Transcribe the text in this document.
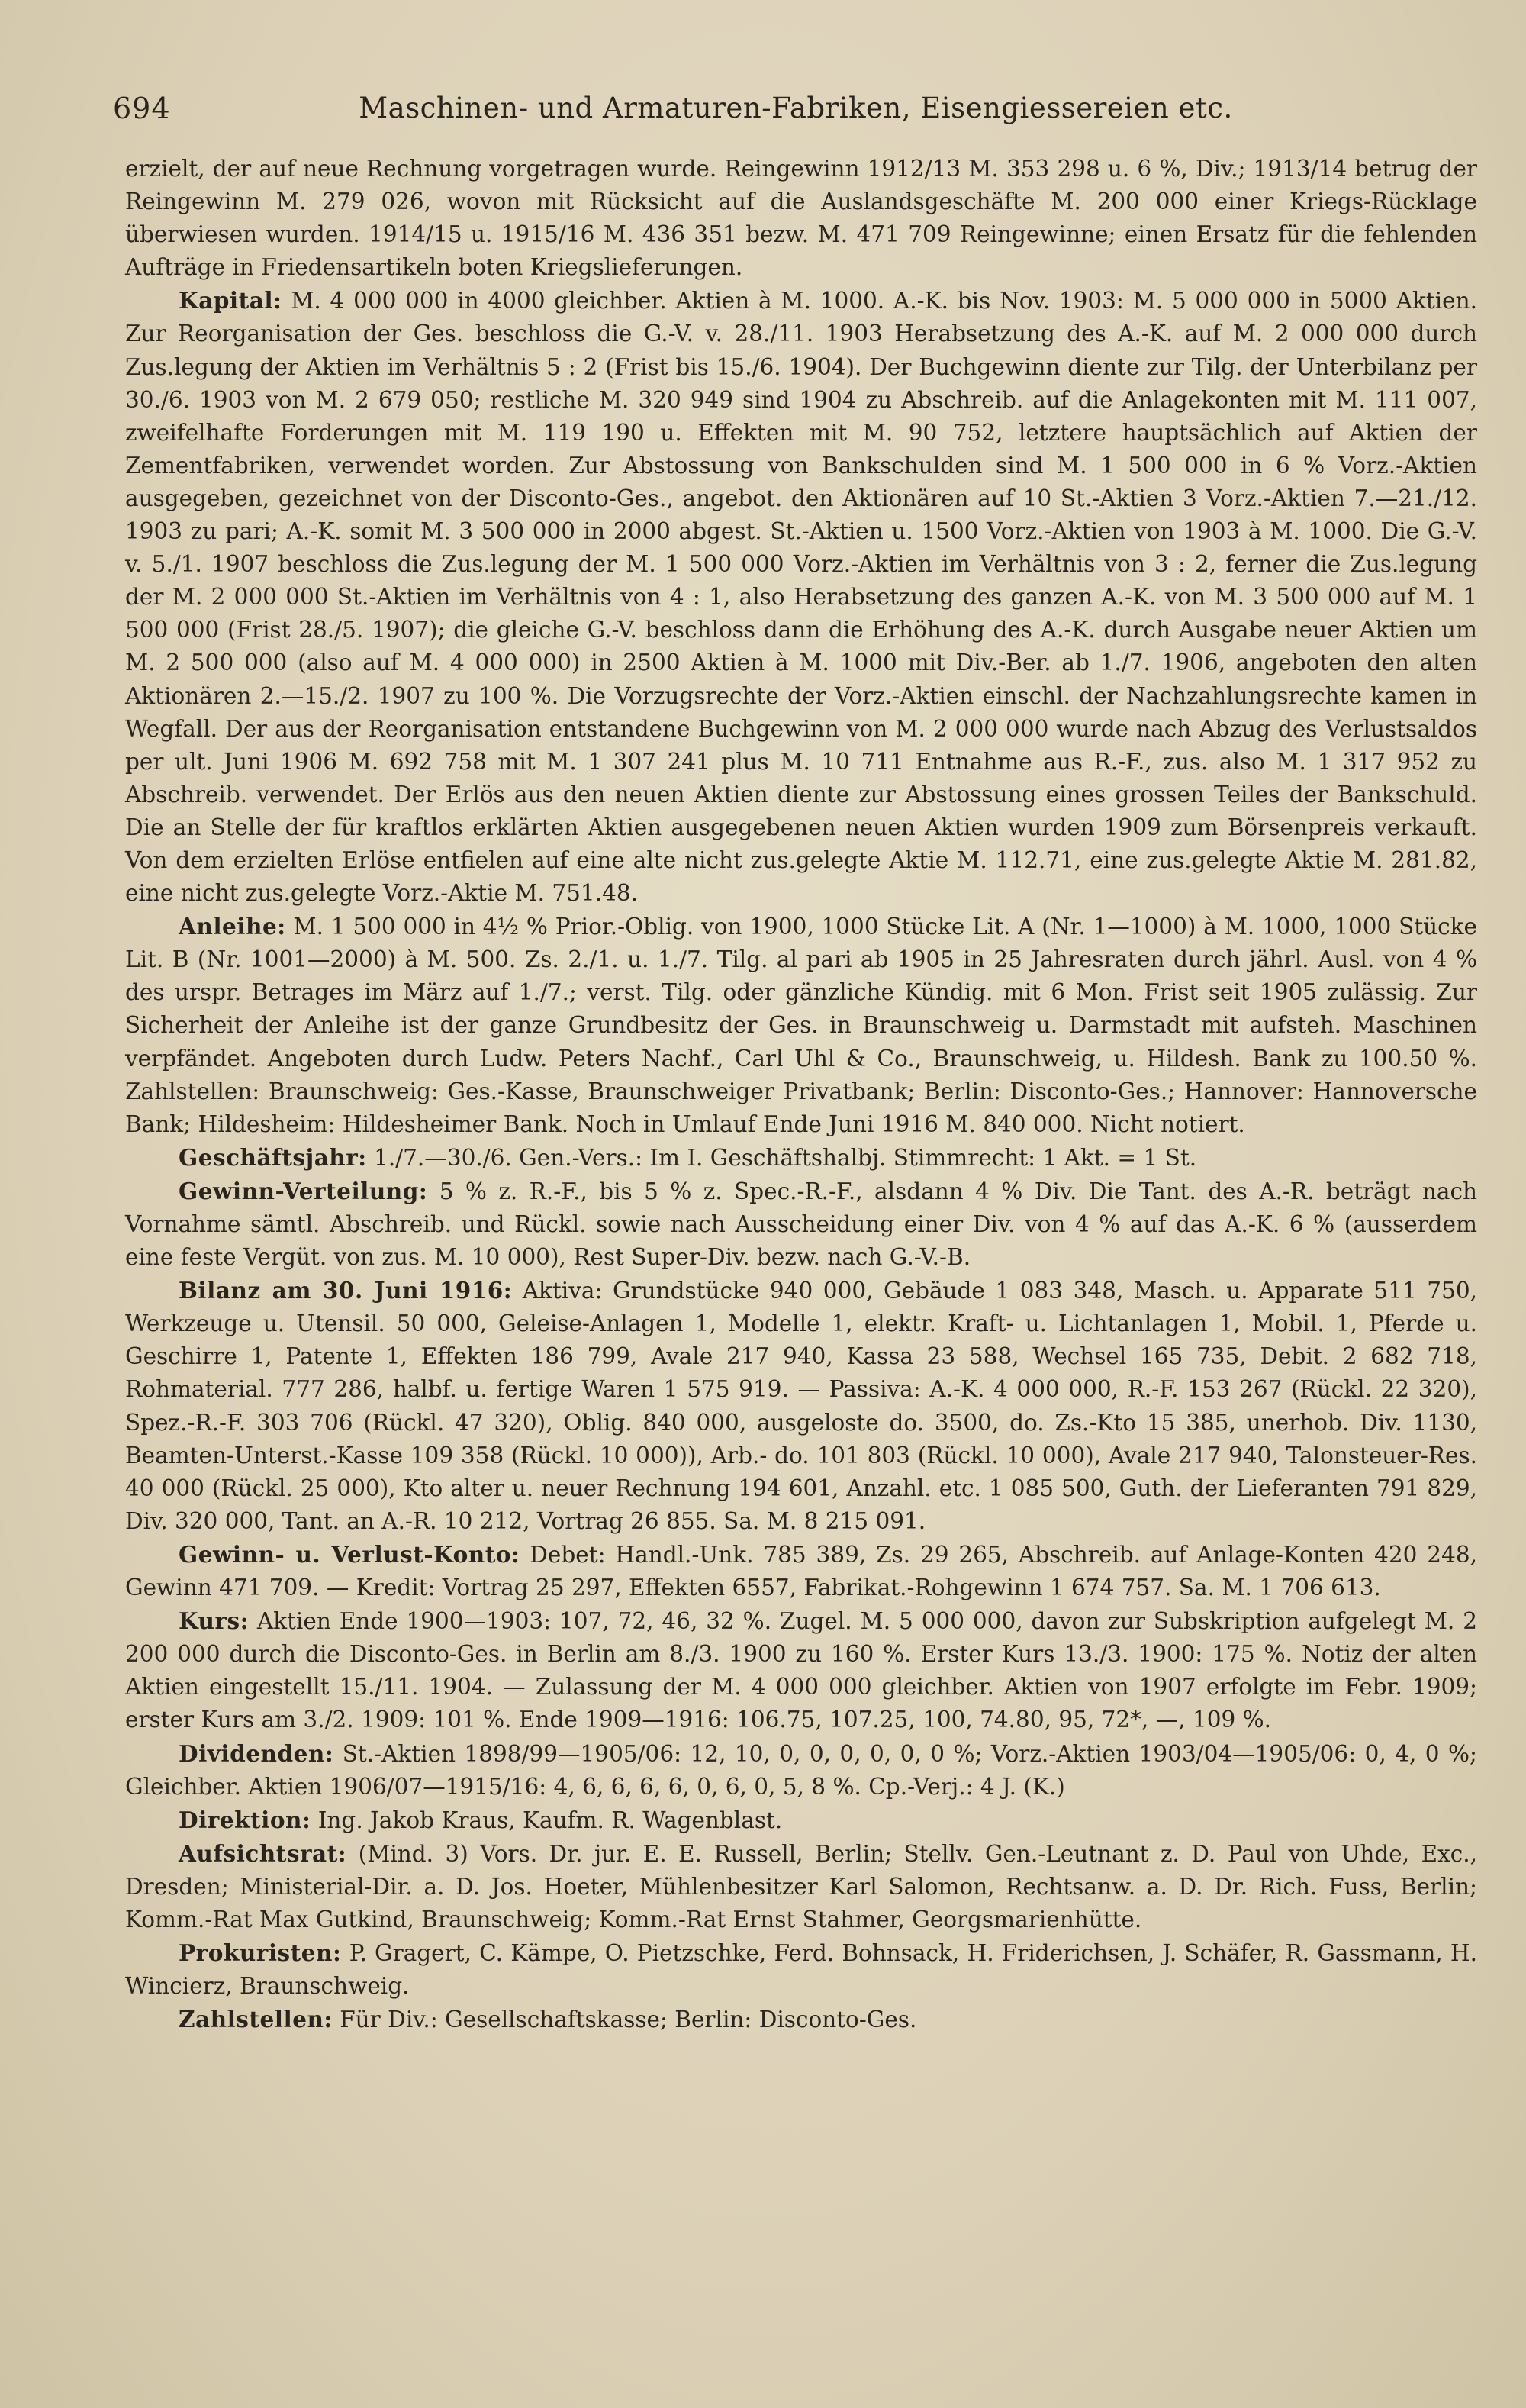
694	Maschinen- und Armaturen-Fabriken, Eisengiessereien etc.

erzielt, der auf neue Rechnung vorgetragen wurde. Reingewinn 1912/13 M. 353 298 u. 6 %, Div.; 1913/14 betrug der Reingewinn M. 279 026, wovon mit Rücksicht auf die Auslandsgeschäfte M. 200 000 einer Kriegs-Rücklage überwiesen wurden. 1914/15 u. 1915/16 M. 436 351 bezw. M. 471 709 Reingewinne; einen Ersatz für die fehlenden Aufträge in Friedensartikeln boten Kriegslieferungen.

Kapital: M. 4 000 000 in 4000 gleichber. Aktien à M. 1000. A.-K. bis Nov. 1903: M. 5 000 000 in 5000 Aktien. Zur Reorganisation der Ges. beschloss die G.-V. v. 28./11. 1903 Herabsetzung des A.-K. auf M. 2 000 000 durch Zus.legung der Aktien im Verhältnis 5 : 2 (Frist bis 15./6. 1904). Der Buchgewinn diente zur Tilg. der Unterbilanz per 30./6. 1903 von M. 2 679 050; restliche M. 320 949 sind 1904 zu Abschreib. auf die Anlagekonten mit M. 111 007, zweifelhafte Forderungen mit M. 119 190 u. Effekten mit M. 90 752, letztere hauptsächlich auf Aktien der Zementfabriken, verwendet worden. Zur Abstossung von Bankschulden sind M. 1 500 000 in 6 % Vorz.-Aktien ausgegeben, gezeichnet von der Disconto-Ges., angebot. den Aktionären auf 10 St.-Aktien 3 Vorz.-Aktien 7.—21./12. 1903 zu pari; A.-K. somit M. 3 500 000 in 2000 abgest. St.-Aktien u. 1500 Vorz.-Aktien von 1903 à M. 1000. Die G.-V. v. 5./1. 1907 beschloss die Zus.legung der M. 1 500 000 Vorz.-Aktien im Verhältnis von 3 : 2, ferner die Zus.legung der M. 2 000 000 St.-Aktien im Verhältnis von 4 : 1, also Herabsetzung des ganzen A.-K. von M. 3 500 000 auf M. 1 500 000 (Frist 28./5. 1907); die gleiche G.-V. beschloss dann die Erhöhung des A.-K. durch Ausgabe neuer Aktien um M. 2 500 000 (also auf M. 4 000 000) in 2500 Aktien à M. 1000 mit Div.-Ber. ab 1./7. 1906, angeboten den alten Aktionären 2.—15./2. 1907 zu 100 %. Die Vorzugsrechte der Vorz.-Aktien einschl. der Nachzahlungsrechte kamen in Wegfall. Der aus der Reorganisation entstandene Buchgewinn von M. 2 000 000 wurde nach Abzug des Verlustsaldos per ult. Juni 1906 M. 692 758 mit M. 1 307 241 plus M. 10 711 Entnahme aus R.-F., zus. also M. 1 317 952 zu Abschreib. verwendet. Der Erlös aus den neuen Aktien diente zur Abstossung eines grossen Teiles der Bankschuld. Die an Stelle der für kraftlos erklärten Aktien ausgegebenen neuen Aktien wurden 1909 zum Börsenpreis verkauft. Von dem erzielten Erlöse entfielen auf eine alte nicht zus.gelegte Aktie M. 112.71, eine zus.gelegte Aktie M. 281.82, eine nicht zus.gelegte Vorz.-Aktie M. 751.48.

Anleihe: M. 1 500 000 in 4½ % Prior.-Oblig. von 1900, 1000 Stücke Lit. A (Nr. 1—1000) à M. 1000, 1000 Stücke Lit. B (Nr. 1001—2000) à M. 500. Zs. 2./1. u. 1./7. Tilg. al pari ab 1905 in 25 Jahresraten durch jährl. Ausl. von 4 % des urspr. Betrages im März auf 1./7.; verst. Tilg. oder gänzliche Kündig. mit 6 Mon. Frist seit 1905 zulässig. Zur Sicherheit der Anleihe ist der ganze Grundbesitz der Ges. in Braunschweig u. Darmstadt mit aufsteh. Maschinen verpfändet. Angeboten durch Ludw. Peters Nachf., Carl Uhl & Co., Braunschweig, u. Hildesh. Bank zu 100.50 %. Zahlstellen: Braunschweig: Ges.-Kasse, Braunschweiger Privatbank; Berlin: Disconto-Ges.; Hannover: Hannoversche Bank; Hildesheim: Hildesheimer Bank. Noch in Umlauf Ende Juni 1916 M. 840 000. Nicht notiert.

Geschäftsjahr: 1./7.—30./6. Gen.-Vers.: Im I. Geschäftshalbj. Stimmrecht: 1 Akt. = 1 St.

Gewinn-Verteilung: 5 % z. R.-F., bis 5 % z. Spec.-R.-F., alsdann 4 % Div. Die Tant. des A.-R. beträgt nach Vornahme sämtl. Abschreib. und Rückl. sowie nach Ausscheidung einer Div. von 4 % auf das A.-K. 6 % (ausserdem eine feste Vergüt. von zus. M. 10 000), Rest Super-Div. bezw. nach G.-V.-B.

Bilanz am 30. Juni 1916: Aktiva: Grundstücke 940 000, Gebäude 1 083 348, Masch. u. Apparate 511 750, Werkzeuge u. Utensil. 50 000, Geleise-Anlagen 1, Modelle 1, elektr. Kraft- u. Lichtanlagen 1, Mobil. 1, Pferde u. Geschirre 1, Patente 1, Effekten 186 799, Avale 217 940, Kassa 23 588, Wechsel 165 735, Debit. 2 682 718, Rohmaterial. 777 286, halbf. u. fertige Waren 1 575 919. — Passiva: A.-K. 4 000 000, R.-F. 153 267 (Rückl. 22 320), Spez.-R.-F. 303 706 (Rückl. 47 320), Oblig. 840 000, ausgeloste do. 3500, do. Zs.-Kto 15 385, unerhob. Div. 1130, Beamten-Unterst.-Kasse 109 358 (Rückl. 10 000)), Arb.- do. 101 803 (Rückl. 10 000), Avale 217 940, Talonsteuer-Res. 40 000 (Rückl. 25 000), Kto alter u. neuer Rechnung 194 601, Anzahl. etc. 1 085 500, Guth. der Lieferanten 791 829, Div. 320 000, Tant. an A.-R. 10 212, Vortrag 26 855. Sa. M. 8 215 091.

Gewinn- u. Verlust-Konto: Debet: Handl.-Unk. 785 389, Zs. 29 265, Abschreib. auf Anlage-Konten 420 248, Gewinn 471 709. — Kredit: Vortrag 25 297, Effekten 6557, Fabrikat.-Rohgewinn 1 674 757. Sa. M. 1 706 613.

Kurs: Aktien Ende 1900—1903: 107, 72, 46, 32 %. Zugel. M. 5 000 000, davon zur Subskription aufgelegt M. 2 200 000 durch die Disconto-Ges. in Berlin am 8./3. 1900 zu 160 %. Erster Kurs 13./3. 1900: 175 %. Notiz der alten Aktien eingestellt 15./11. 1904. — Zulassung der M. 4 000 000 gleichber. Aktien von 1907 erfolgte im Febr. 1909; erster Kurs am 3./2. 1909: 101 %. Ende 1909—1916: 106.75, 107.25, 100, 74.80, 95, 72*, —, 109 %.

Dividenden: St.-Aktien 1898/99—1905/06: 12, 10, 0, 0, 0, 0, 0, 0 %; Vorz.-Aktien 1903/04—1905/06: 0, 4, 0 %; Gleichber. Aktien 1906/07—1915/16: 4, 6, 6, 6, 6, 0, 6, 0, 5, 8 %. Cp.-Verj.: 4 J. (K.)

Direktion: Ing. Jakob Kraus, Kaufm. R. Wagenblast.

Aufsichtsrat: (Mind. 3) Vors. Dr. jur. E. E. Russell, Berlin; Stellv. Gen.-Leutnant z. D. Paul von Uhde, Exc., Dresden; Ministerial-Dir. a. D. Jos. Hoeter, Mühlenbesitzer Karl Salomon, Rechtsanw. a. D. Dr. Rich. Fuss, Berlin; Komm.-Rat Max Gutkind, Braunschweig; Komm.-Rat Ernst Stahmer, Georgsmarienhütte.

Prokuristen: P. Gragert, C. Kämpe, O. Pietzschke, Ferd. Bohnsack, H. Friderichsen, J. Schäfer, R. Gassmann, H. Wincierz, Braunschweig.

Zahlstellen: Für Div.: Gesellschaftskasse; Berlin: Disconto-Ges.
